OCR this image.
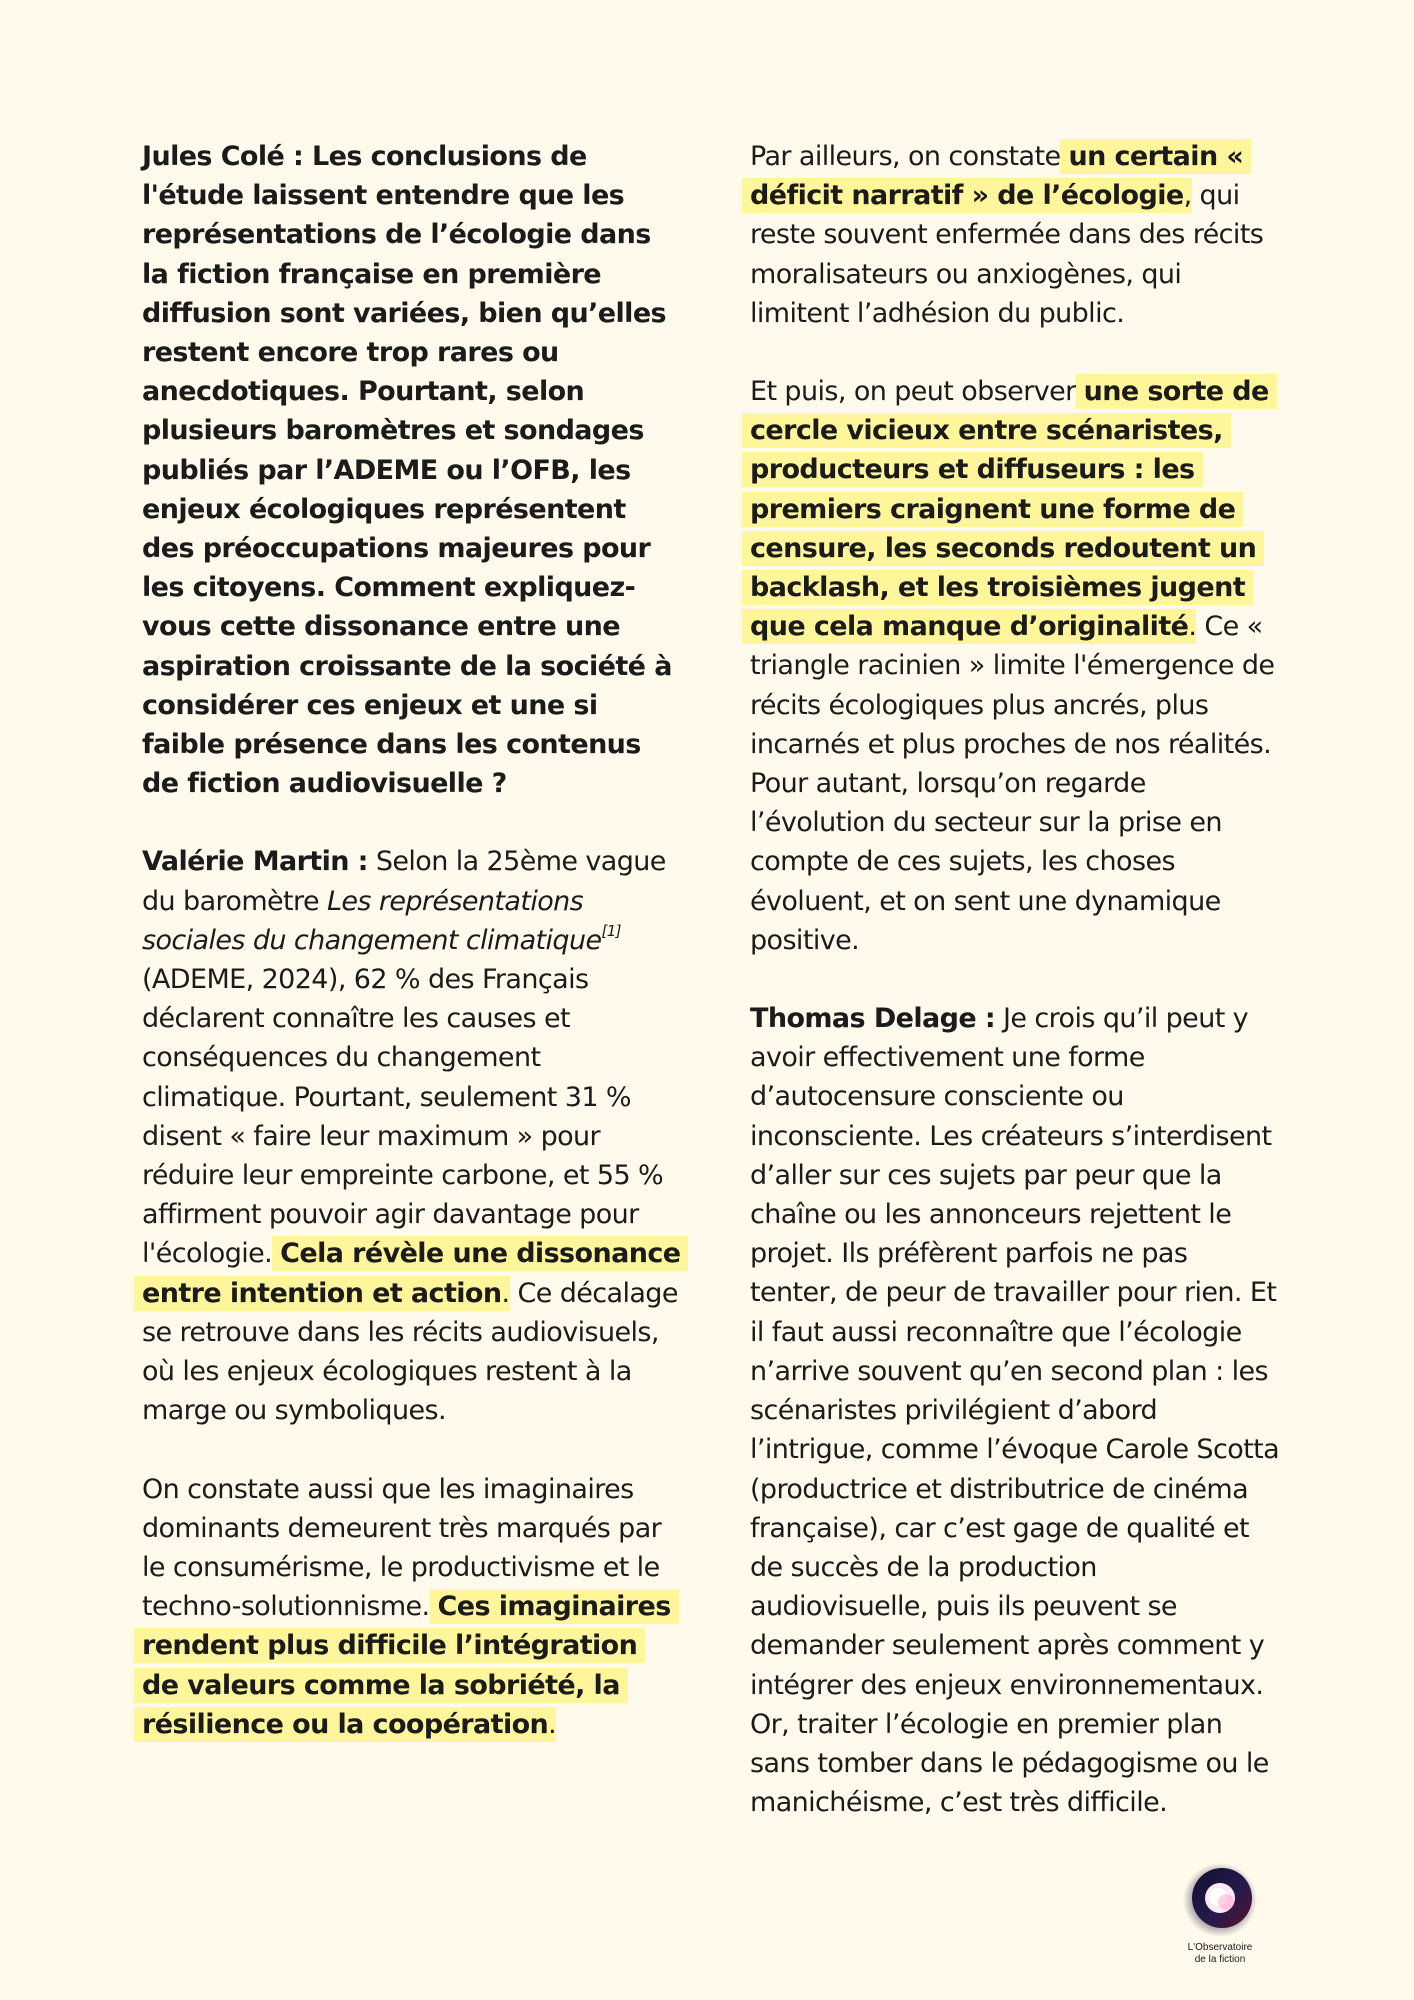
Jules Colé : Les conclusions de l'étude laissent entendre que les représentations de l’écologie dans la fiction française en première diffusion sont variées, bien qu’elles restent encore trop rares ou anecdotiques. Pourtant, selon plusieurs baromètres et sondages publiés par l’ADEME ou l’OFB, les enjeux écologiques représentent des préoccupations majeures pour les citoyens. Comment expliquez-vous cette dissonance entre une aspiration croissante de la société à considérer ces enjeux et une si faible présence dans les contenus de fiction audiovisuelle ?

Valérie Martin : Selon la 25ème vague du baromètre Les représentations sociales du changement climatique[1] (ADEME, 2024), 62 % des Français déclarent connaître les causes et conséquences du changement climatique. Pourtant, seulement 31 % disent « faire leur maximum » pour réduire leur empreinte carbone, et 55 % affirment pouvoir agir davantage pour l'écologie. Cela révèle une dissonance entre intention et action. Ce décalage se retrouve dans les récits audiovisuels, où les enjeux écologiques restent à la marge ou symboliques.

On constate aussi que les imaginaires dominants demeurent très marqués par le consumérisme, le productivisme et le techno-solutionnisme. Ces imaginaires rendent plus difficile l’intégration de valeurs comme la sobriété, la résilience ou la coopération.

Par ailleurs, on constate un certain « déficit narratif » de l’écologie, qui reste souvent enfermée dans des récits moralisateurs ou anxiogènes, qui limitent l’adhésion du public.

Et puis, on peut observer une sorte de cercle vicieux entre scénaristes, producteurs et diffuseurs : les premiers craignent une forme de censure, les seconds redoutent un backlash, et les troisièmes jugent que cela manque d’originalité. Ce « triangle racinien » limite l'émergence de récits écologiques plus ancrés, plus incarnés et plus proches de nos réalités. Pour autant, lorsqu’on regarde l’évolution du secteur sur la prise en compte de ces sujets, les choses évoluent, et on sent une dynamique positive.

Thomas Delage : Je crois qu’il peut y avoir effectivement une forme d’autocensure consciente ou inconsciente. Les créateurs s’interdisent d’aller sur ces sujets par peur que la chaîne ou les annonceurs rejettent le projet. Ils préfèrent parfois ne pas tenter, de peur de travailler pour rien. Et il faut aussi reconnaître que l’écologie n’arrive souvent qu’en second plan : les scénaristes privilégient d’abord l’intrigue, comme l’évoque Carole Scotta (productrice et distributrice de cinéma française), car c’est gage de qualité et de succès de la production audiovisuelle, puis ils peuvent se demander seulement après comment y intégrer des enjeux environnementaux. Or, traiter l’écologie en premier plan sans tomber dans le pédagogisme ou le manichéisme, c’est très difficile.

L'Observatoire
de la fiction
